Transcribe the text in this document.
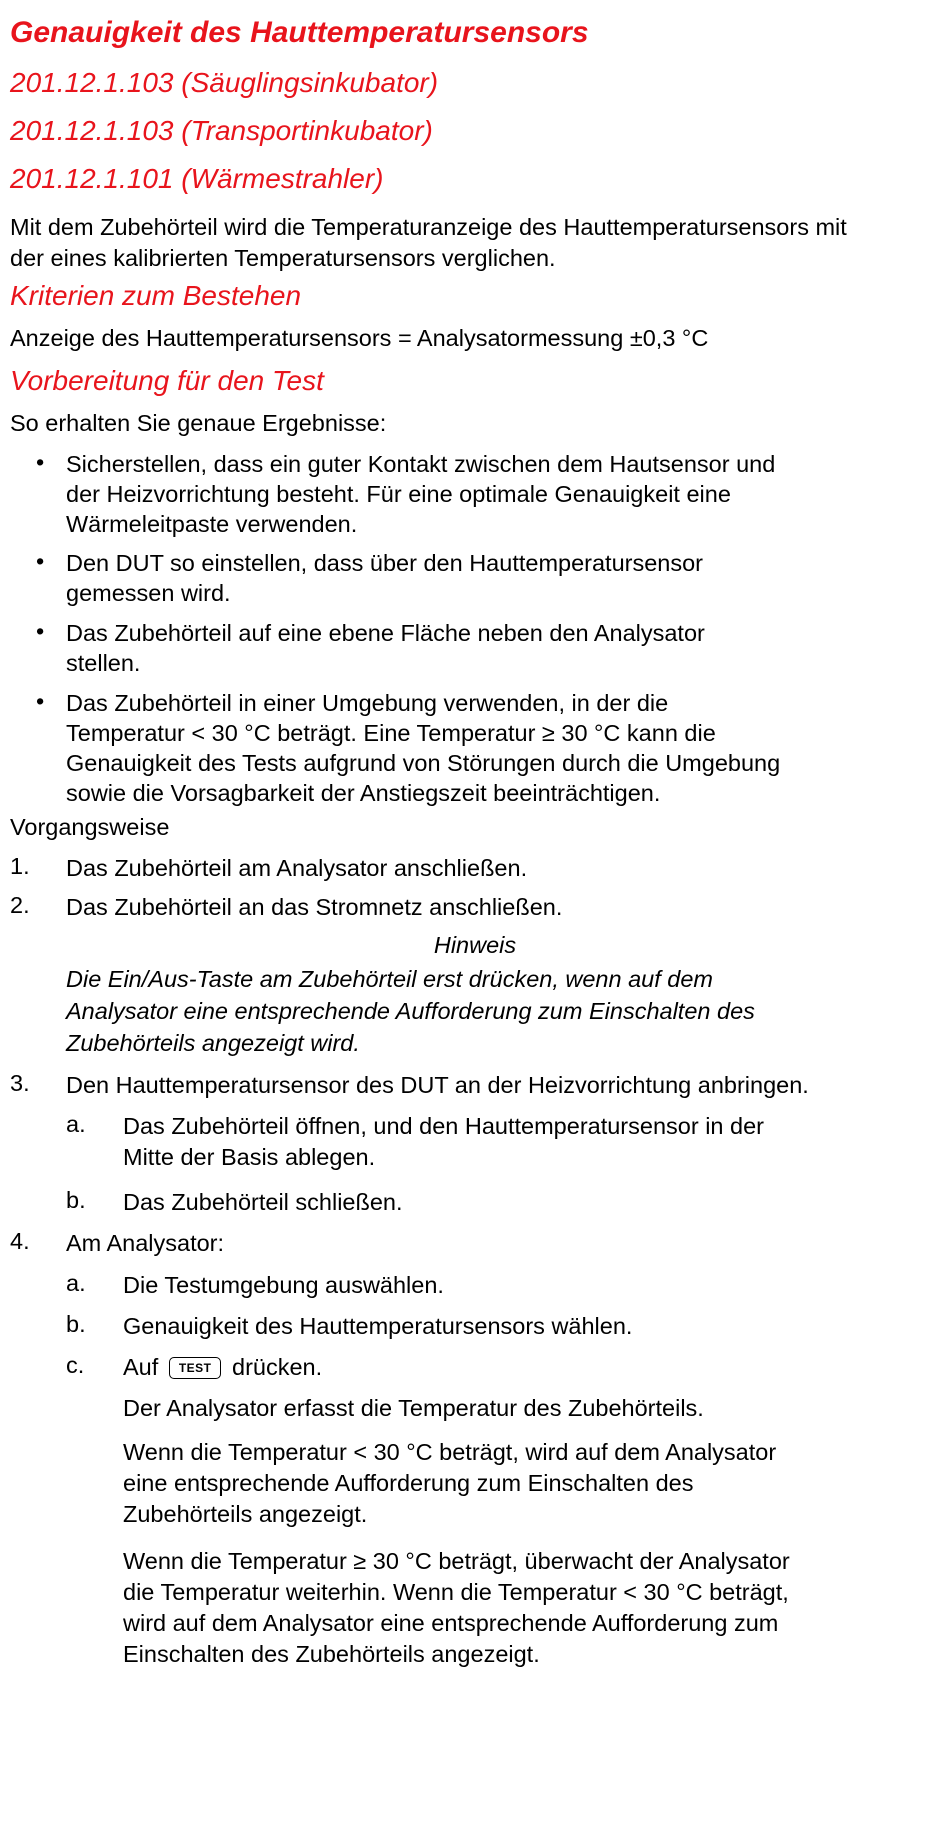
Genauigkeit des Hauttemperatursensors
201.12.1.103 (Säuglingsinkubator)
201.12.1.103 (Transportinkubator)
201.12.1.101 (Wärmestrahler)
Mit dem Zubehörteil wird die Temperaturanzeige des Hauttemperatursensors mit
der eines kalibrierten Temperatursensors verglichen.
Kriterien zum Bestehen
Anzeige des Hauttemperatursensors = Analysatormessung ±0,3 °C
Vorbereitung für den Test
So erhalten Sie genaue Ergebnisse:
• Sicherstellen, dass ein guter Kontakt zwischen dem Hautsensor und
der Heizvorrichtung besteht. Für eine optimale Genauigkeit eine
Wärmeleitpaste verwenden.
• Den DUT so einstellen, dass über den Hauttemperatursensor
gemessen wird.
• Das Zubehörteil auf eine ebene Fläche neben den Analysator
stellen.
• Das Zubehörteil in einer Umgebung verwenden, in der die
Temperatur < 30 °C beträgt. Eine Temperatur ≥ 30 °C kann die
Genauigkeit des Tests aufgrund von Störungen durch die Umgebung
sowie die Vorsagbarkeit der Anstiegszeit beeinträchtigen.
Vorgangsweise
1. Das Zubehörteil am Analysator anschließen.
2. Das Zubehörteil an das Stromnetz anschließen.
Hinweis
Die Ein/Aus-Taste am Zubehörteil erst drücken, wenn auf dem
Analysator eine entsprechende Aufforderung zum Einschalten des
Zubehörteils angezeigt wird.
3. Den Hauttemperatursensor des DUT an der Heizvorrichtung anbringen.
a. Das Zubehörteil öffnen, und den Hauttemperatursensor in der
Mitte der Basis ablegen.
b. Das Zubehörteil schließen.
4. Am Analysator:
a. Die Testumgebung auswählen.
b. Genauigkeit des Hauttemperatursensors wählen.
c. Auf TEST drücken.
Der Analysator erfasst die Temperatur des Zubehörteils.
Wenn die Temperatur < 30 °C beträgt, wird auf dem Analysator
eine entsprechende Aufforderung zum Einschalten des
Zubehörteils angezeigt.
Wenn die Temperatur ≥ 30 °C beträgt, überwacht der Analysator
die Temperatur weiterhin. Wenn die Temperatur < 30 °C beträgt,
wird auf dem Analysator eine entsprechende Aufforderung zum
Einschalten des Zubehörteils angezeigt.
